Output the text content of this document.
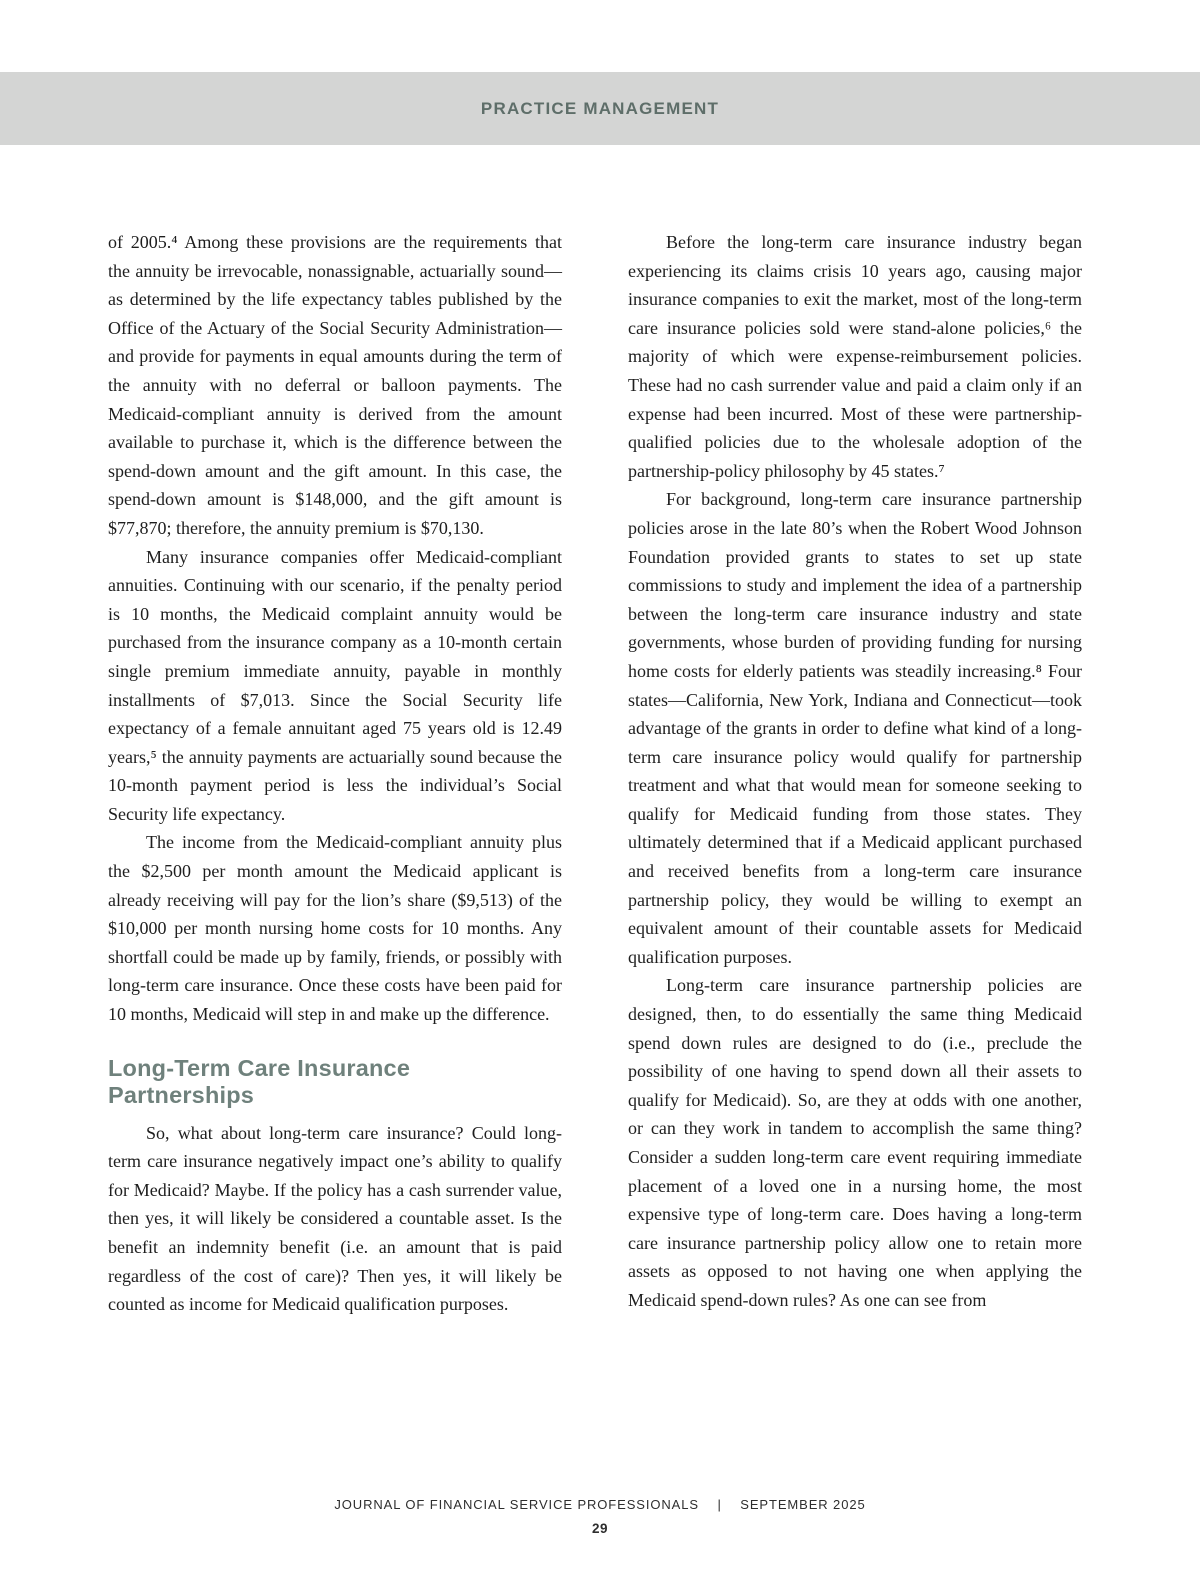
PRACTICE MANAGEMENT

of 2005.⁴ Among these provisions are the requirements that the annuity be irrevocable, nonassignable, actuarially sound—as determined by the life expectancy tables published by the Office of the Actuary of the Social Security Administration—and provide for payments in equal amounts during the term of the annuity with no deferral or balloon payments. The Medicaid-compliant annuity is derived from the amount available to purchase it, which is the difference between the spend-down amount and the gift amount. In this case, the spend-down amount is $148,000, and the gift amount is $77,870; therefore, the annuity premium is $70,130.

Many insurance companies offer Medicaid-compliant annuities. Continuing with our scenario, if the penalty period is 10 months, the Medicaid complaint annuity would be purchased from the insurance company as a 10-month certain single premium immediate annuity, payable in monthly installments of $7,013. Since the Social Security life expectancy of a female annuitant aged 75 years old is 12.49 years,⁵ the annuity payments are actuarially sound because the 10-month payment period is less the individual’s Social Security life expectancy.

The income from the Medicaid-compliant annuity plus the $2,500 per month amount the Medicaid applicant is already receiving will pay for the lion’s share ($9,513) of the $10,000 per month nursing home costs for 10 months. Any shortfall could be made up by family, friends, or possibly with long-term care insurance. Once these costs have been paid for 10 months, Medicaid will step in and make up the difference.

Long-Term Care Insurance Partnerships

So, what about long-term care insurance? Could long-term care insurance negatively impact one’s ability to qualify for Medicaid? Maybe. If the policy has a cash surrender value, then yes, it will likely be considered a countable asset. Is the benefit an indemnity benefit (i.e. an amount that is paid regardless of the cost of care)? Then yes, it will likely be counted as income for Medicaid qualification purposes.

Before the long-term care insurance industry began experiencing its claims crisis 10 years ago, causing major insurance companies to exit the market, most of the long-term care insurance policies sold were stand-alone policies,⁶ the majority of which were expense-reimbursement policies. These had no cash surrender value and paid a claim only if an expense had been incurred. Most of these were partnership-qualified policies due to the wholesale adoption of the partnership-policy philosophy by 45 states.⁷

For background, long-term care insurance partnership policies arose in the late 80’s when the Robert Wood Johnson Foundation provided grants to states to set up state commissions to study and implement the idea of a partnership between the long-term care insurance industry and state governments, whose burden of providing funding for nursing home costs for elderly patients was steadily increasing.⁸ Four states—California, New York, Indiana and Connecticut—took advantage of the grants in order to define what kind of a long-term care insurance policy would qualify for partnership treatment and what that would mean for someone seeking to qualify for Medicaid funding from those states. They ultimately determined that if a Medicaid applicant purchased and received benefits from a long-term care insurance partnership policy, they would be willing to exempt an equivalent amount of their countable assets for Medicaid qualification purposes.

Long-term care insurance partnership policies are designed, then, to do essentially the same thing Medicaid spend down rules are designed to do (i.e., preclude the possibility of one having to spend down all their assets to qualify for Medicaid). So, are they at odds with one another, or can they work in tandem to accomplish the same thing? Consider a sudden long-term care event requiring immediate placement of a loved one in a nursing home, the most expensive type of long-term care. Does having a long-term care insurance partnership policy allow one to retain more assets as opposed to not having one when applying the Medicaid spend-down rules? As one can see from

JOURNAL OF FINANCIAL SERVICE PROFESSIONALS | SEPTEMBER 2025
29
